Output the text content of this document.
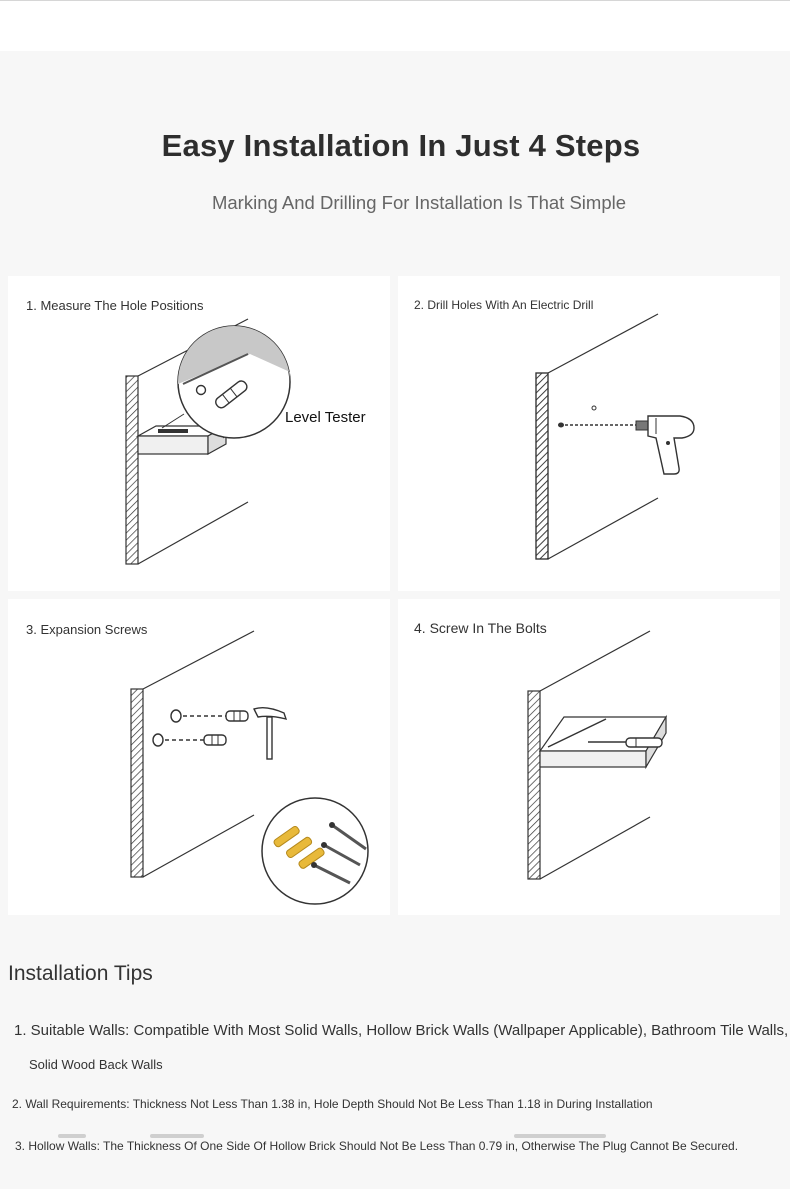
Easy Installation In Just 4 Steps
Marking And Drilling For Installation Is That Simple
1. Measure The Hole Positions
Level Tester
2. Drill Holes With An Electric Drill
3. Expansion Screws	4. Screw In The Bolts
Installation Tips
1. Suitable Walls: Compatible With Most Solid Walls, Hollow Brick Walls (Wallpaper Applicable), Bathroom Tile Walls,
Solid Wood Back Walls
2. Wall Requirements: Thickness Not Less Than 1.38 in, Hole Depth Should Not Be Less Than 1.18 in During Installation
3. Hollow Walls: The Thickness Of One Side Of Hollow Brick Should Not Be Less Than 0.79 in, Otherwise The Plug Cannot Be Secured.
